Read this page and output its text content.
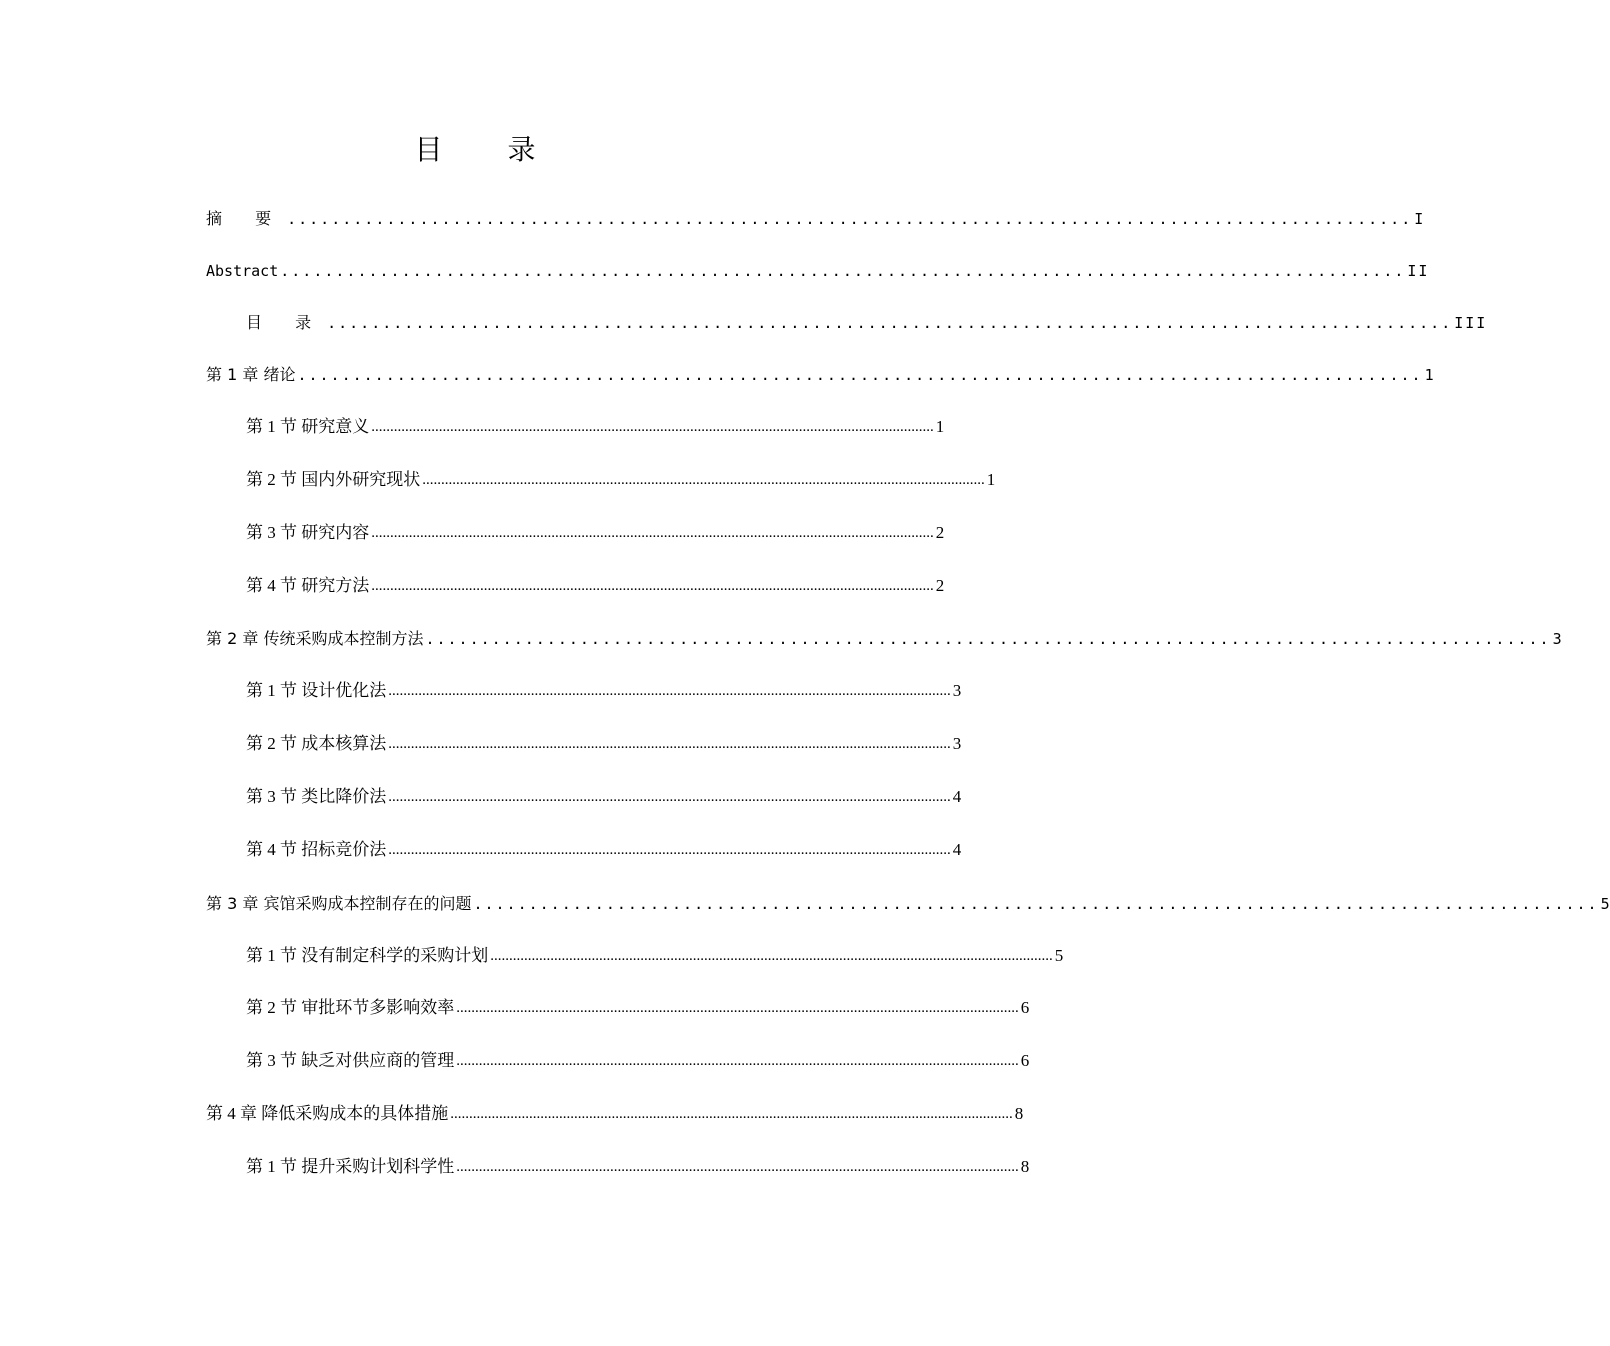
目 录
摘 要 ...................................................................................................... I
Abstract ...................................................................................................... II
目 录 ...................................................................................................... III
第 1 章 绪论 ...................................................................................................... 1
第 1 节 研究意义 ...................................................................................................................................................... 1
第 2 节 国内外研究现状 ...................................................................................................................................................... 1
第 3 节 研究内容 ...................................................................................................................................................... 2
第 4 节 研究方法 ...................................................................................................................................................... 2
第 2 章 传统采购成本控制方法 ...................................................................................................... 3
第 1 节 设计优化法 ...................................................................................................................................................... 3
第 2 节 成本核算法 ...................................................................................................................................................... 3
第 3 节 类比降价法 ...................................................................................................................................................... 4
第 4 节 招标竞价法 ...................................................................................................................................................... 4
第 3 章 宾馆采购成本控制存在的问题 ...................................................................................................... 5
第 1 节 没有制定科学的采购计划 ...................................................................................................................................................... 5
第 2 节 审批环节多影响效率 ...................................................................................................................................................... 6
第 3 节 缺乏对供应商的管理 ...................................................................................................................................................... 6
第 4 章 降低采购成本的具体措施 ...................................................................................................................................................... 8
第 1 节 提升采购计划科学性 ...................................................................................................................................................... 8
